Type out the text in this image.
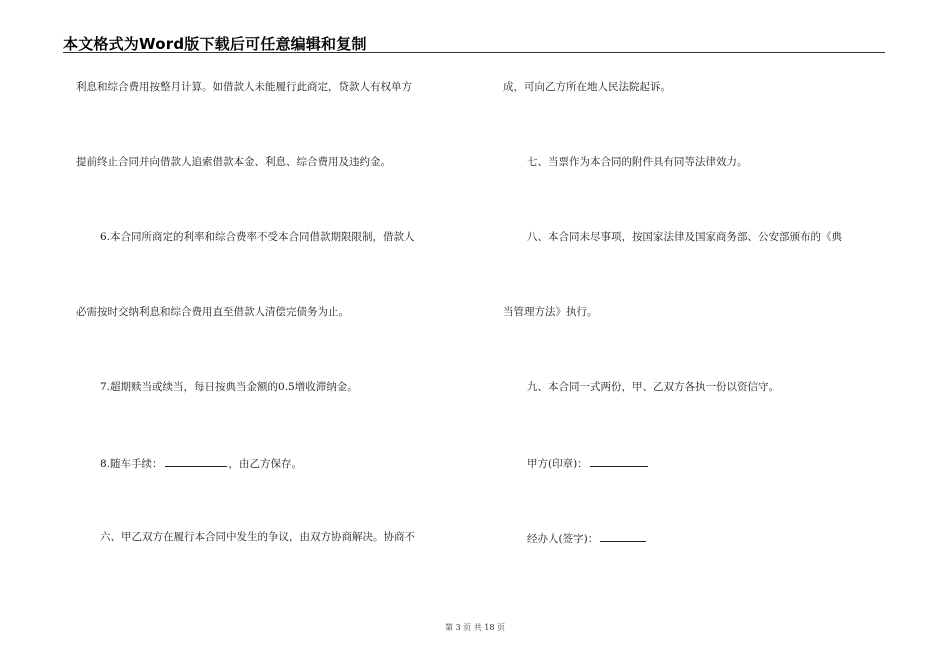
本文格式为Word版下载后可任意编辑和复制
利息和综合费用按整月计算。如借款人未能履行此商定，贷款人有权单方
提前终止合同并向借款人追索借款本金、利息、综合费用及违约金。
6.本合同所商定的利率和综合费率不受本合同借款期限限制，借款人
必需按时交纳利息和综合费用直至借款人清偿完债务为止。
7.超期赎当或续当，每日按典当金额的0.5增收滞纳金。
8.随车手续：	，由乙方保存。
六、甲乙双方在履行本合同中发生的争议，由双方协商解决。协商不
成，可向乙方所在地人民法院起诉。
七、当票作为本合同的附件具有同等法律效力。
八、本合同未尽事项，按国家法律及国家商务部、公安部颁布的《典
当管理方法》执行。
九、本合同一式两份，甲、乙双方各执一份以资信守。
甲方(印章)：
经办人(签字)：
第 3 页 共 18 页
